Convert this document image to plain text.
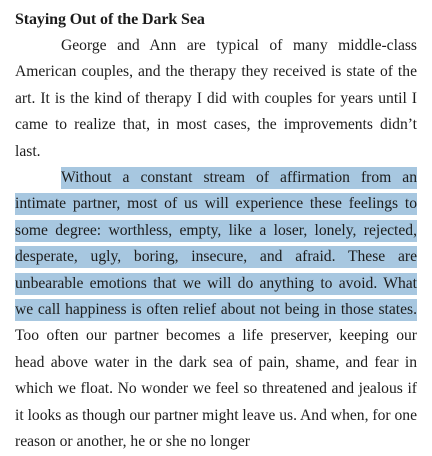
Staying Out of the Dark Sea

George and Ann are typical of many middle-class American couples, and the therapy they received is state of the art. It is the kind of therapy I did with couples for years until I came to realize that, in most cases, the improvements didn’t last.

Without a constant stream of affirmation from an intimate partner, most of us will experience these feelings to some degree: worthless, empty, like a loser, lonely, rejected, desperate, ugly, boring, insecure, and afraid. These are unbearable emotions that we will do anything to avoid. What we call happiness is often relief about not being in those states. Too often our partner becomes a life preserver, keeping our head above water in the dark sea of pain, shame, and fear in which we float. No wonder we feel so threatened and jealous if it looks as though our partner might leave us. And when, for one reason or another, he or she no longer
